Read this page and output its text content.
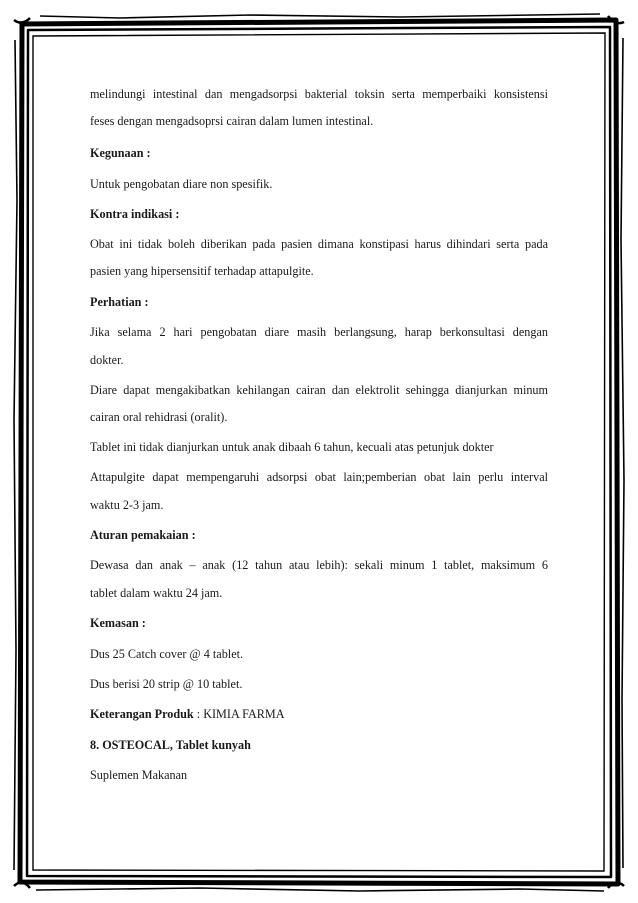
melindungi intestinal dan mengadsorpsi bakterial toksin serta memperbaiki konsistensi
feses dengan mengadsoprsi cairan dalam lumen intestinal.
Kegunaan :
Untuk pengobatan diare non spesifik.
Kontra indikasi :
Obat ini tidak boleh diberikan pada pasien dimana konstipasi harus dihindari serta pada
pasien yang hipersensitif terhadap attapulgite.
Perhatian :
Jika selama 2 hari pengobatan diare masih berlangsung, harap berkonsultasi dengan
dokter.
Diare dapat mengakibatkan kehilangan cairan dan elektrolit sehingga dianjurkan minum
cairan oral rehidrasi (oralit).
Tablet ini tidak dianjurkan untuk anak dibaah 6 tahun, kecuali atas petunjuk dokter
Attapulgite dapat mempengaruhi adsorpsi obat lain;pemberian obat lain perlu interval
waktu 2-3 jam.
Aturan pemakaian :
Dewasa dan anak – anak (12 tahun atau lebih): sekali minum 1 tablet, maksimum 6
tablet dalam waktu 24 jam.
Kemasan :
Dus 25 Catch cover @ 4 tablet.
Dus berisi 20 strip @ 10 tablet.
Keterangan Produk : KIMIA FARMA
8. OSTEOCAL, Tablet kunyah
Suplemen Makanan
